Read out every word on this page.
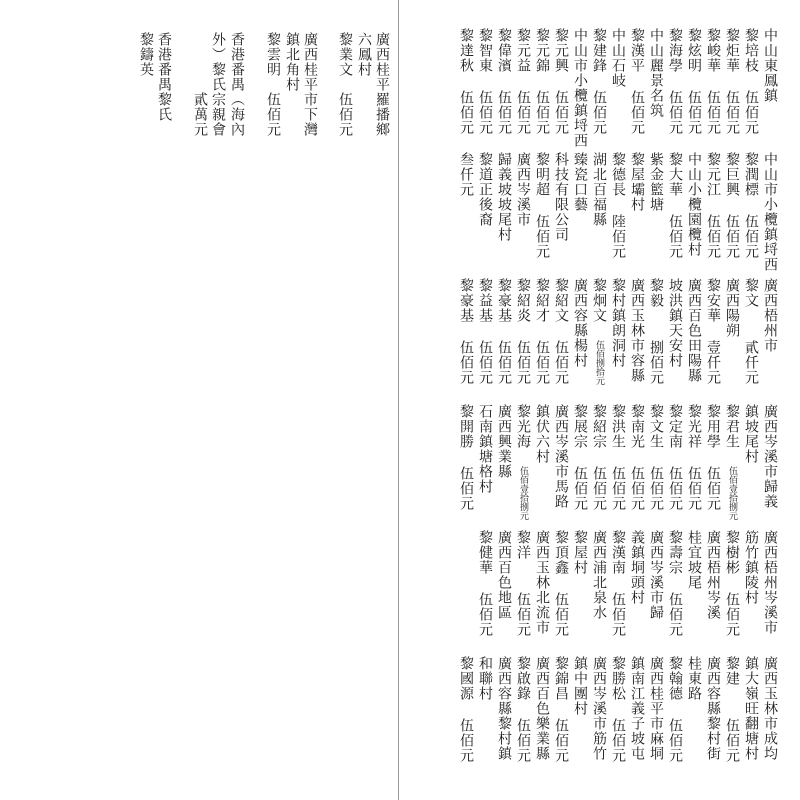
廣西桂平羅播鄉
六鳳村
黎業文
伍佰元
廣西桂平市下灣
鎮北角村
黎雲明
伍佰元
香港番禺（海內
外）黎氏宗親會
貳萬元
香港番禺黎氏
黎鑄英	中山東鳳鎮
黎培枝
伍佰元
黎炬華
伍佰元
黎峻華
伍佰元
黎炫明
伍佰元
黎海學
伍佰元
中山麗景名筑
黎漢平
伍佰元
中山石岐
黎建鋒
伍佰元
中山市小欖鎮埒西
黎元興
伍佰元
黎元錦
伍佰元
黎元益
伍佰元
黎偉濱
伍佰元
黎智東
伍佰元
黎達秋
伍佰元
中山市小欖鎮埒西
黎潤標
伍佰元
黎巨興
伍佰元
黎元江
伍佰元
中山小欖園欖村
黎大華
伍佰元
紫金籃塘
黎屋壩村
黎德長
陸佰元
湖北百福縣
臻瓷口藝
科技有限公司
黎明超
伍佰元
廣西岑溪市
歸義坡坡尾村
黎道正後裔
叁仟元
廣西梧州市
黎文
貳仟元
廣西陽朔
黎安華
壹仟元
廣西百色田陽縣
坡洪鎮天安村
黎毅
捌佰元
廣西玉林市容縣
黎村鎮朗洞村
黎炯文
伍佰捌拾元
廣西容縣楊村
黎紹文
伍佰元
黎紹才
伍佰元
黎紹炎
伍佰元
黎豪基
伍佰元
黎益基
伍佰元
黎豪基
伍佰元
廣西岑溪市歸義
鎮坡尾村
黎君生
伍佰壹拾捌元
黎用學
伍佰元
黎光祥
伍佰元
黎定南
伍佰元
黎文生
伍佰元
黎南光
伍佰元
黎洪生
伍佰元
黎紹宗
伍佰元
黎展宗
伍佰元
廣西岑溪市馬路
鎮伏六村
黎光海
伍佰壹拾捌元
廣西興業縣
石南鎮塘格村
黎開勝
伍佰元
廣西梧州岑溪市
筋竹鎮陵村
黎樹彬
伍佰元
廣西梧州岑溪
桂宜坡尾
黎壽宗
伍佰元
廣西岑溪市歸
義鎮垌頭村
黎漢南
伍佰元
廣西浦北泉水
黎屋村
黎頂鑫
伍佰元
廣西玉林北流市
黎洋
伍佰元
廣西百色地區
黎健華
伍佰元
廣西玉林市成均
鎮大嶺旺翻塘村
黎建
伍佰元
廣西容縣黎村街
桂東路
黎翰德
伍佰元
廣西桂平市麻垌
鎮南江義子坡屯
黎勝松
伍佰元
廣西岑溪市筋竹
鎮中團村
黎錦昌
伍佰元
廣西百色樂業縣
黎啟錄
伍佰元
廣西容縣黎村鎮
和聯村
黎國源
伍佰元
